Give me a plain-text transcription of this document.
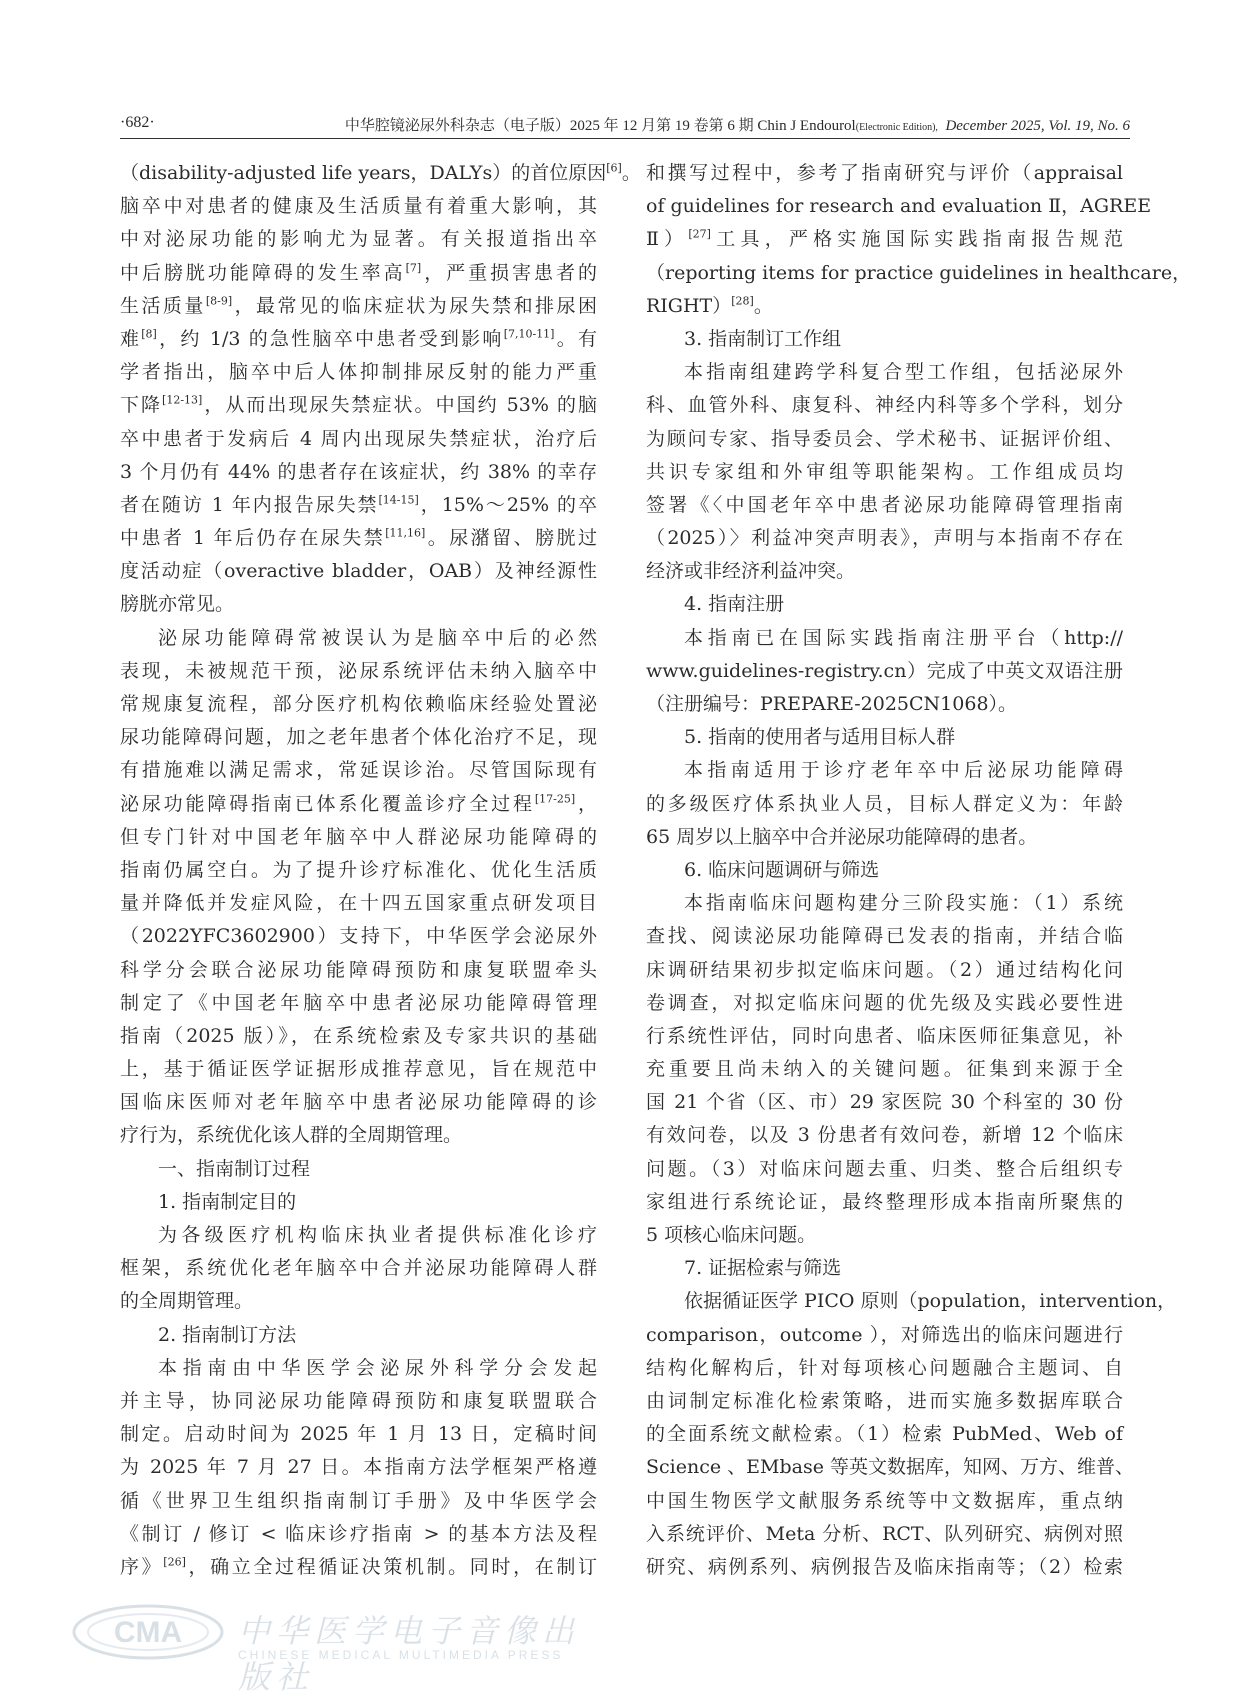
·682·	中华腔镜泌尿外科杂志（电子版）2025 年 12 月第 19 卷第 6 期 Chin J Endourol(Electronic Edition), December 2025, Vol. 19, No. 6
（disability-adjusted life years，DALYs）的首位原因[6]。
脑卒中对患者的健康及生活质量有着重大影响，其
中对泌尿功能的影响尤为显著。有关报道指出卒
中后膀胱功能障碍的发生率高[7]，严重损害患者的
生活质量[8-9]，最常见的临床症状为尿失禁和排尿困
难[8]，约 1/3 的急性脑卒中患者受到影响[7,10-11]。有
学者指出，脑卒中后人体抑制排尿反射的能力严重
下降[12-13]，从而出现尿失禁症状。中国约 53% 的脑
卒中患者于发病后 4 周内出现尿失禁症状，治疗后
3 个月仍有 44% 的患者存在该症状，约 38% 的幸存
者在随访 1 年内报告尿失禁[14-15]，15%～25% 的卒
中患者 1 年后仍存在尿失禁[11,16]。尿潴留、膀胱过
度活动症（overactive bladder，OAB）及神经源性
膀胱亦常见。
泌尿功能障碍常被误认为是脑卒中后的必然
表现，未被规范干预，泌尿系统评估未纳入脑卒中
常规康复流程，部分医疗机构依赖临床经验处置泌
尿功能障碍问题，加之老年患者个体化治疗不足，现
有措施难以满足需求，常延误诊治。尽管国际现有
泌尿功能障碍指南已体系化覆盖诊疗全过程[17-25]，
但专门针对中国老年脑卒中人群泌尿功能障碍的
指南仍属空白。为了提升诊疗标准化、优化生活质
量并降低并发症风险，在十四五国家重点研发项目
（2022YFC3602900）支持下，中华医学会泌尿外
科学分会联合泌尿功能障碍预防和康复联盟牵头
制定了《中国老年脑卒中患者泌尿功能障碍管理
指南（2025 版）》，在系统检索及专家共识的基础
上，基于循证医学证据形成推荐意见，旨在规范中
国临床医师对老年脑卒中患者泌尿功能障碍的诊
疗行为，系统优化该人群的全周期管理。
一、指南制订过程
1. 指南制定目的
为各级医疗机构临床执业者提供标准化诊疗
框架，系统优化老年脑卒中合并泌尿功能障碍人群
的全周期管理。
2. 指南制订方法
本指南由中华医学会泌尿外科学分会发起
并主导，协同泌尿功能障碍预防和康复联盟联合
制定。启动时间为 2025 年 1 月 13 日，定稿时间
为 2025 年 7 月 27 日。本指南方法学框架严格遵
循《世界卫生组织指南制订手册》及中华医学会
《制订 / 修订 < 临床诊疗指南 > 的基本方法及程
序》[26]，确立全过程循证决策机制。同时，在制订
和撰写过程中，参考了指南研究与评价（appraisal
of guidelines for research and evaluation Ⅱ，AGREE
Ⅱ）[27]工具，严格实施国际实践指南报告规范
（reporting items for practice guidelines in healthcare，
RIGHT）[28]。
3. 指南制订工作组
本指南组建跨学科复合型工作组，包括泌尿外
科、血管外科、康复科、神经内科等多个学科，划分
为顾问专家、指导委员会、学术秘书、证据评价组、
共识专家组和外审组等职能架构。工作组成员均
签署《〈中国老年卒中患者泌尿功能障碍管理指南
（2025）〉利益冲突声明表》，声明与本指南不存在
经济或非经济利益冲突。
4. 指南注册
本指南已在国际实践指南注册平台（http://
www.guidelines-registry.cn）完成了中英文双语注册
（注册编号：PREPARE-2025CN1068）。
5. 指南的使用者与适用目标人群
本指南适用于诊疗老年卒中后泌尿功能障碍
的多级医疗体系执业人员，目标人群定义为：年龄
65 周岁以上脑卒中合并泌尿功能障碍的患者。
6. 临床问题调研与筛选
本指南临床问题构建分三阶段实施：（1）系统
查找、阅读泌尿功能障碍已发表的指南，并结合临
床调研结果初步拟定临床问题。（2）通过结构化问
卷调查，对拟定临床问题的优先级及实践必要性进
行系统性评估，同时向患者、临床医师征集意见，补
充重要且尚未纳入的关键问题。征集到来源于全
国 21 个省（区、市）29 家医院 30 个科室的 30 份
有效问卷，以及 3 份患者有效问卷，新增 12 个临床
问题。（3）对临床问题去重、归类、整合后组织专
家组进行系统论证，最终整理形成本指南所聚焦的
5 项核心临床问题。
7. 证据检索与筛选
依据循证医学 PICO 原则（population，intervention，
comparison，outcome ），对筛选出的临床问题进行
结构化解构后，针对每项核心问题融合主题词、自
由词制定标准化检索策略，进而实施多数据库联合
的全面系统文献检索。（1）检索 PubMed、Web of
Science 、EMbase 等英文数据库，知网、万方、维普、
中国生物医学文献服务系统等中文数据库，重点纳
入系统评价、Meta 分析、RCT、队列研究、病例对照
研究、病例系列、病例报告及临床指南等；（2）检索
CMA 中华医学电子音像出版社
CHINESE MEDICAL MULTIMEDIA PRESS
